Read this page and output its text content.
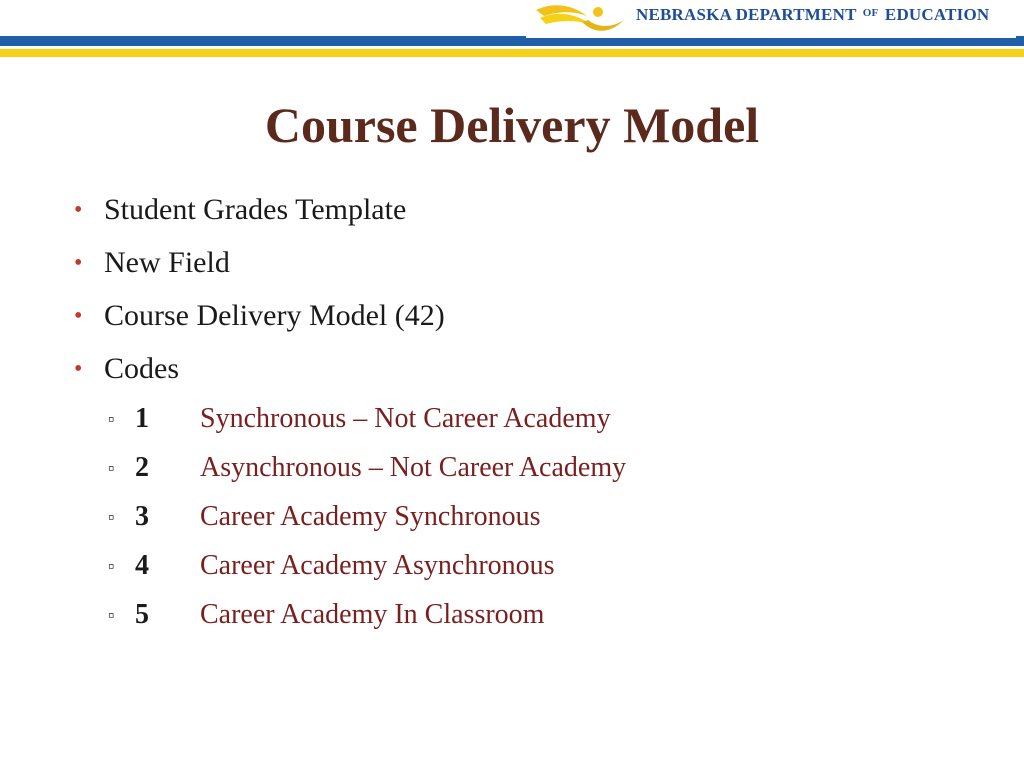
NEBRASKA DEPARTMENT $^{OF}$ EDUCATION
Course Delivery Model
• Student Grades Template
• New Field
• Course Delivery Model (42)
• Codes
▫ 1 Synchronous – Not Career Academy
▫ 2 Asynchronous – Not Career Academy
▫ 3 Career Academy Synchronous
▫ 4 Career Academy Asynchronous
▫ 5 Career Academy In Classroom
